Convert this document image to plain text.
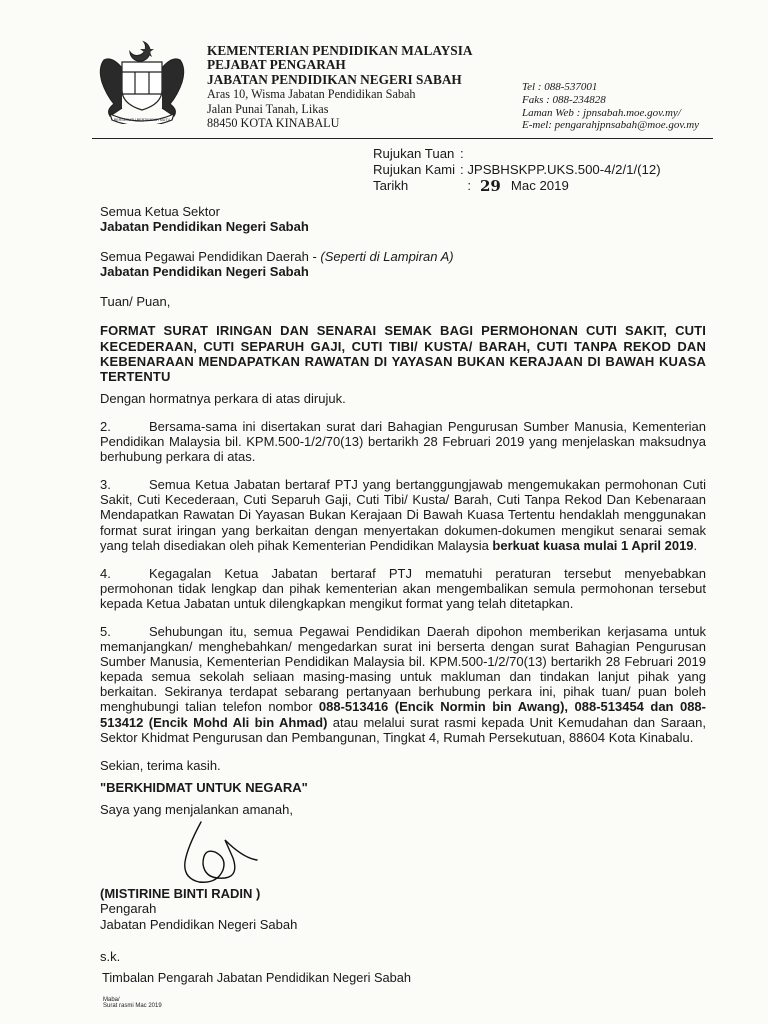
BERSEKUTU BERTAMBAH MUTU
KEMENTERIAN PENDIDIKAN MALAYSIA
PEJABAT PENGARAH
JABATAN PENDIDIKAN NEGERI SABAH
Aras 10, Wisma Jabatan Pendidikan Sabah
Jalan Punai Tanah, Likas
88450 KOTA KINABALU
Tel : 088-537001
Faks : 088-234828
Laman Web : jpnsabah.moe.gov.my/
E-mel: pengarahjpnsabah@moe.gov.my
Rujukan Tuan :
Rujukan Kami : JPSBHSKPP.UKS.500-4/2/1/(12)
Tarikh	: 29 Mac 2019

Semua Ketua Sektor

Jabatan Pendidikan Negeri Sabah

Semua Pegawai Pendidikan Daerah - (Seperti di Lampiran A)

Jabatan Pendidikan Negeri Sabah

Tuan/ Puan,

FORMAT SURAT IRINGAN DAN SENARAI SEMAK BAGI PERMOHONAN CUTI SAKIT, CUTI KECEDERAAN, CUTI SEPARUH GAJI, CUTI TIBI/ KUSTA/ BARAH, CUTI TANPA REKOD DAN KEBENARAAN MENDAPATKAN RAWATAN DI YAYASAN BUKAN KERAJAAN DI BAWAH KUASA TERTENTU

Dengan hormatnya perkara di atas dirujuk.

2.	Bersama-sama ini disertakan surat dari Bahagian Pengurusan Sumber Manusia, Kementerian Pendidikan Malaysia bil. KPM.500-1/2/70(13) bertarikh 28 Februari 2019 yang menjelaskan maksudnya berhubung perkara di atas.

3.	Semua Ketua Jabatan bertaraf PTJ yang bertanggungjawab mengemukakan permohonan Cuti Sakit, Cuti Kecederaan, Cuti Separuh Gaji, Cuti Tibi/ Kusta/ Barah, Cuti Tanpa Rekod Dan Kebenaraan Mendapatkan Rawatan Di Yayasan Bukan Kerajaan Di Bawah Kuasa Tertentu hendaklah menggunakan format surat iringan yang berkaitan dengan menyertakan dokumen-dokumen mengikut senarai semak yang telah disediakan oleh pihak Kementerian Pendidikan Malaysia berkuat kuasa mulai 1 April 2019.

4.	Kegagalan Ketua Jabatan bertaraf PTJ mematuhi peraturan tersebut menyebabkan permohonan tidak lengkap dan pihak kementerian akan mengembalikan semula permohonan tersebut kepada Ketua Jabatan untuk dilengkapkan mengikut format yang telah ditetapkan.

5.	Sehubungan itu, semua Pegawai Pendidikan Daerah dipohon memberikan kerjasama untuk memanjangkan/ menghebahkan/ mengedarkan surat ini berserta dengan surat Bahagian Pengurusan Sumber Manusia, Kementerian Pendidikan Malaysia bil. KPM.500-1/2/70(13) bertarikh 28 Februari 2019 kepada semua sekolah seliaan masing-masing untuk makluman dan tindakan lanjut pihak yang berkaitan. Sekiranya terdapat sebarang pertanyaan berhubung perkara ini, pihak tuan/ puan boleh menghubungi talian telefon nombor 088-513416 (Encik Normin bin Awang), 088-513454 dan 088-513412 (Encik Mohd Ali bin Ahmad) atau melalui surat rasmi kepada Unit Kemudahan dan Saraan, Sektor Khidmat Pengurusan dan Pembangunan, Tingkat 4, Rumah Persekutuan, 88604 Kota Kinabalu.

Sekian, terima kasih.

"BERKHIDMAT UNTUK NEGARA"

Saya yang menjalankan amanah,

(MISTIRINE BINTI RADIN )
Pengarah
Jabatan Pendidikan Negeri Sabah
s.k.
Timbalan Pengarah Jabatan Pendidikan Negeri Sabah
Maba/
Surat rasmi Mac 2019
